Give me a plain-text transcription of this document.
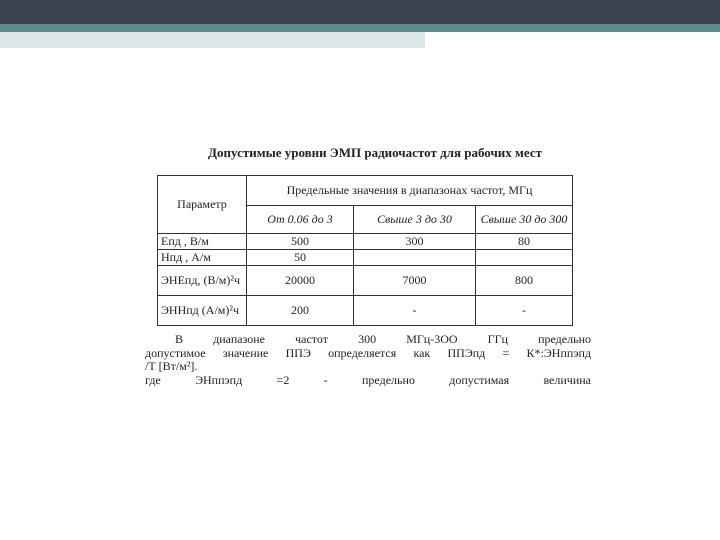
Допустимые уровни ЭМП радиочастот для рабочих мест

Параметр	Предельные значения в диапазонах частот, МГц		
	От 0.06 до 3	Свыше 3 до 30	Свыше 30 до 300
Eпд , В/м	500	300	80
Hпд , А/м	50		
ЭНEпд, (В/м)²ч	20000	7000	800
ЭНHпд (А/м)²ч	200	-	-

В диапазоне частот 300 МГц-3ОО ГГц предельно

допустимое значение ППЭ определяется как ППЭпд = К*:ЭНппэпд

/Т [Вт/м²].

где ЭНппэпд =2 - предельно допустимая величина
